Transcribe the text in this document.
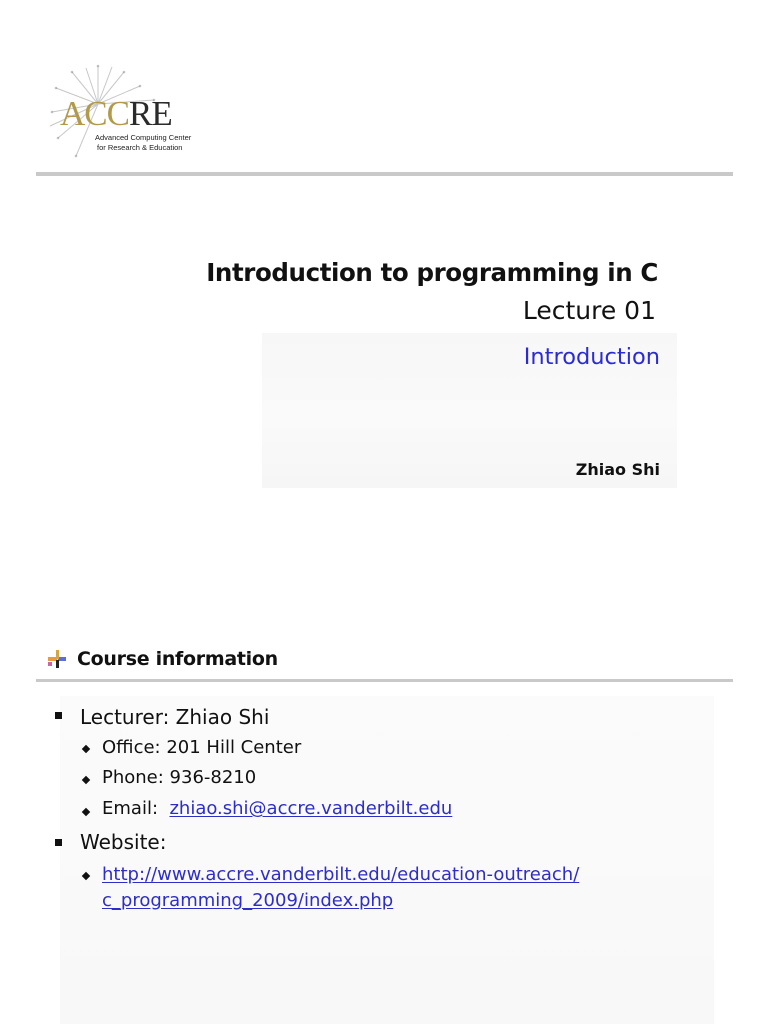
ACCRE
Advanced Computing Center
for Research & Education
Introduction to programming in C
Lecture 01
Introduction
Zhiao Shi
Course information
Lecturer: Zhiao Shi
Office: 201 Hill Center
Phone: 936-8210
Email: zhiao.shi@accre.vanderbilt.edu
Website:
http://www.accre.vanderbilt.edu/education-outreach/
c_programming_2009/index.php
